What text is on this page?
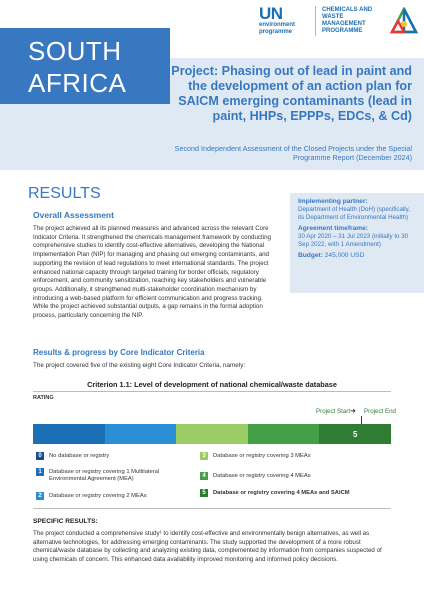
SOUTH
AFRICA
UN
environment programme
CHEMICALS AND WASTE MANAGEMENT PROGRAMME
Project: Phasing out of lead in paint and the development of an action plan for SAICM emerging contaminants (lead in paint, HHPs, EPPPs, EDCs, & Cd)
Second Independent Assessment of the Closed Projects under the Special Programme Report (December 2024)
RESULTS
Overall Assessment
The project achieved all its planned measures and advanced across the relevant Core Indicator Criteria. It strengthened the chemicals management framework by conducting comprehensive studies to identify cost-effective alternatives, developing the National Implementation Plan (NIP) for managing and phasing out emerging contaminants, and supporting the revision of lead regulations to meet international standards. The project enhanced national capacity through targeted training for border officials, regulatory enforcement, and community sensitization, reaching key stakeholders and vulnerable groups. Additionally, it strengthened multi-stakeholder coordination mechanism by introducing a web-based platform for efficient communication and progress tracking. While the project achieved substantial outputs, a gap remains in the formal adoption process, particularly concerning the NIP.
Implementing partner:
Department of Health (DoH) (specifically, its Department of Environmental Health)
Agreement timeframe:
30 Apr 2020 – 31 Jul 2023 (initially to 30 Sep 2022, with 1 Amendment)
Budget: 245,000 USD
Results & progress by Core Indicator Criteria
The project covered five of the existing eight Core Indicator Criteria, namely:
Criterion 1.1: Level of development of national chemical/waste database
RATING
Project Start ➜ Project End
5
0	No database or registry
1	Database or registry covering 1 Multilateral Environmental Agreement (MEA)
2	Database or registry covering 2 MEAs
3	Database or registry covering 3 MEAs
4	Database or registry covering 4 MEAs
5	Database or registry covering 4 MEAs and SAICM
SPECIFIC RESULTS:
The project conducted a comprehensive study¹ to identify cost-effective and environmentally benign alternatives, as well as alternative technologies, for addressing emerging contaminants. The study supported the development of a more robust chemical/waste database by collecting and analyzing existing data, complemented by information from companies suspected of using chemicals of concern. This enhanced data availability improved monitoring and informed policy decisions.
